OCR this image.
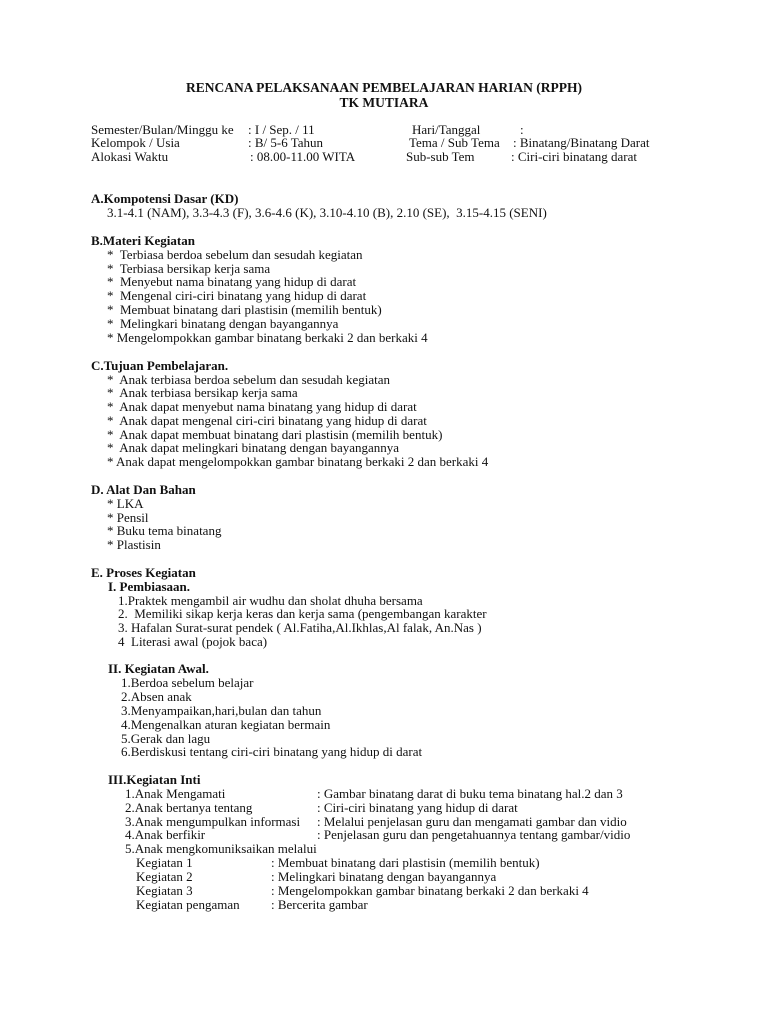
RENCANA PELAKSANAAN PEMBELAJARAN HARIAN (RPPH)
TK MUTIARA
Semester/Bulan/Minggu ke : I / Sep. / 11	Hari/Tanggal	:
Kelompok / Usia	: B/ 5-6 Tahun	Tema / Sub Tema : Binatang/Binatang Darat
Alokasi Waktu	: 08.00-11.00 WITA	Sub-sub Tem	: Ciri-ciri binatang darat
A.Kompotensi Dasar (KD)
3.1-4.1 (NAM), 3.3-4.3 (F), 3.6-4.6 (K), 3.10-4.10 (B), 2.10 (SE),  3.15-4.15 (SENI)
B.Materi Kegiatan
*  Terbiasa berdoa sebelum dan sesudah kegiatan
*  Terbiasa bersikap kerja sama
*  Menyebut nama binatang yang hidup di darat
*  Mengenal ciri-ciri binatang yang hidup di darat
*  Membuat binatang dari plastisin (memilih bentuk)
*  Melingkari binatang dengan bayangannya
* Mengelompokkan gambar binatang berkaki 2 dan berkaki 4
C.Tujuan Pembelajaran.
*  Anak terbiasa berdoa sebelum dan sesudah kegiatan
*  Anak terbiasa bersikap kerja sama
*  Anak dapat menyebut nama binatang yang hidup di darat
*  Anak dapat mengenal ciri-ciri binatang yang hidup di darat
*  Anak dapat membuat binatang dari plastisin (memilih bentuk)
*  Anak dapat melingkari binatang dengan bayangannya
* Anak dapat mengelompokkan gambar binatang berkaki 2 dan berkaki 4
D. Alat Dan Bahan
* LKA
* Pensil
* Buku tema binatang
* Plastisin
E. Proses Kegiatan
I. Pembiasaan.
1.Praktek mengambil air wudhu dan sholat dhuha bersama
2.  Memiliki sikap kerja keras dan kerja sama (pengembangan karakter
3. Hafalan Surat-surat pendek ( Al.Fatiha,Al.Ikhlas,Al falak, An.Nas )
4  Literasi awal (pojok baca)
II. Kegiatan Awal.
1.Berdoa sebelum belajar
2.Absen anak
3.Menyampaikan,hari,bulan dan tahun
4.Mengenalkan aturan kegiatan bermain
5.Gerak dan lagu
6.Berdiskusi tentang ciri-ciri binatang yang hidup di darat
III.Kegiatan Inti
1.Anak Mengamati	: Gambar binatang darat di buku tema binatang hal.2 dan 3
2.Anak bertanya tentang	: Ciri-ciri binatang yang hidup di darat
3.Anak mengumpulkan informasi : Melalui penjelasan guru dan mengamati gambar dan vidio
4.Anak berfikir	: Penjelasan guru dan pengetahuannya tentang gambar/vidio
5.Anak mengkomuniksaikan melalui
Kegiatan 1	: Membuat binatang dari plastisin (memilih bentuk)
Kegiatan 2	: Melingkari binatang dengan bayangannya
Kegiatan 3	: Mengelompokkan gambar binatang berkaki 2 dan berkaki 4
Kegiatan pengaman : Bercerita gambar
